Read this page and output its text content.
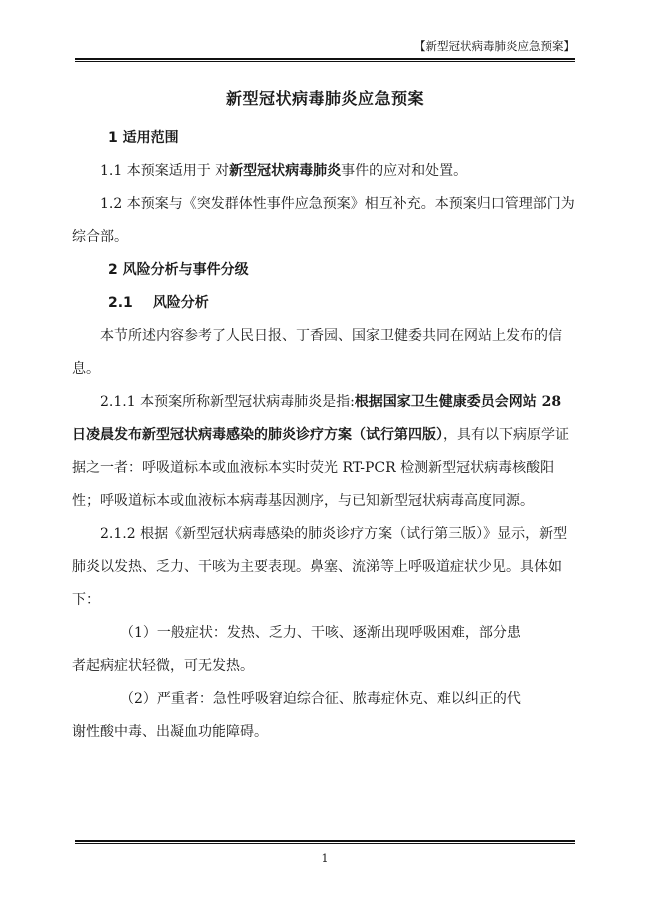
【新型冠状病毒肺炎应急预案】
新型冠状病毒肺炎应急预案

1 适用范围

1.1 本预案适用于 对新型冠状病毒肺炎事件的应对和处置。

1.2 本预案与《突发群体性事件应急预案》相互补充。本预案归口管理部门为综合部。

2 风险分析与事件分级

2.1 风险分析

本节所述内容参考了人民日报、丁香园、国家卫健委共同在网站上发布的信息。

2.1.1 本预案所称新型冠状病毒肺炎是指:根据国家卫生健康委员会网站 28 日凌晨发布新型冠状病毒感染的肺炎诊疗方案（试行第四版），具有以下病原学证据之一者：呼吸道标本或血液标本实时荧光 RT-PCR 检测新型冠状病毒核酸阳性；呼吸道标本或血液标本病毒基因测序，与已知新型冠状病毒高度同源。

2.1.2 根据《新型冠状病毒感染的肺炎诊疗方案（试行第三版）》显示，新型肺炎以发热、乏力、干咳为主要表现。鼻塞、流涕等上呼吸道症状少见。具体如下：

（1）一般症状：发热、乏力、干咳、逐渐出现呼吸困难，部分患
者起病症状轻微，可无发热。

（2）严重者：急性呼吸窘迫综合征、脓毒症休克、难以纠正的代
谢性酸中毒、出凝血功能障碍。

1
